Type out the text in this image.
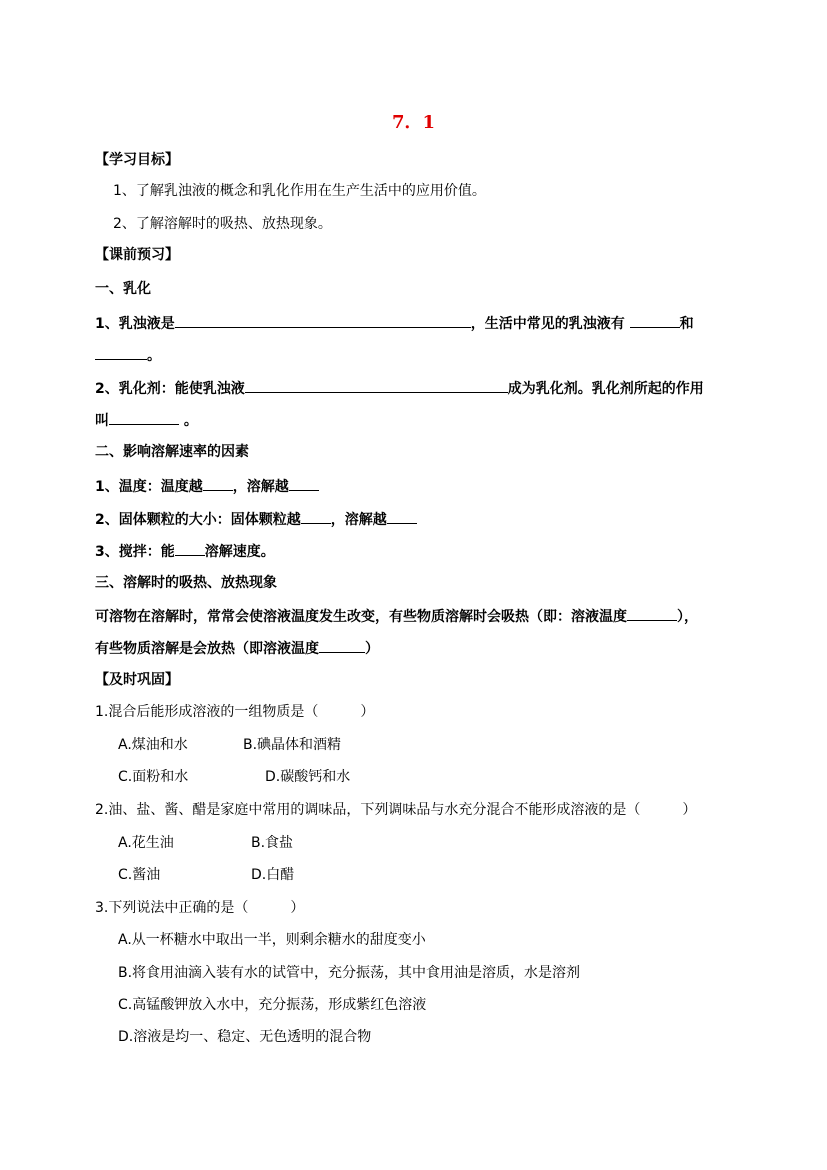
7．1
【学习目标】
1、了解乳浊液的概念和乳化作用在生产生活中的应用价值。
2、了解溶解时的吸热、放热现象。
【课前预习】
一、乳化
1、乳浊液是	，生活中常见的乳浊液有	和
。
2、乳化剂：能使乳浊液	成为乳化剂。乳化剂所起的作用
叫	。
二、影响溶解速率的因素
1、温度：温度越 ，溶解越
2、固体颗粒的大小：固体颗粒越 ，溶解越
3、搅拌：能 溶解速度。
三、溶解时的吸热、放热现象
可溶物在溶解时，常常会使溶液温度发生改变，有些物质溶解时会吸热（即：溶液温度	），
有些物质溶解是会放热（即溶液温度	）
【及时巩固】
1.混合后能形成溶液的一组物质是（　　　）
A.煤油和水	B.碘晶体和酒精
C.面粉和水	D.碳酸钙和水
2.油、盐、酱、醋是家庭中常用的调味品，下列调味品与水充分混合不能形成溶液的是（　　　）
A.花生油	B.食盐
C.酱油	D.白醋
3.下列说法中正确的是（　　　）
A.从一杯糖水中取出一半，则剩余糖水的甜度变小
B.将食用油滴入装有水的试管中，充分振荡，其中食用油是溶质，水是溶剂
C.高锰酸钾放入水中，充分振荡，形成紫红色溶液
D.溶液是均一、稳定、无色透明的混合物
